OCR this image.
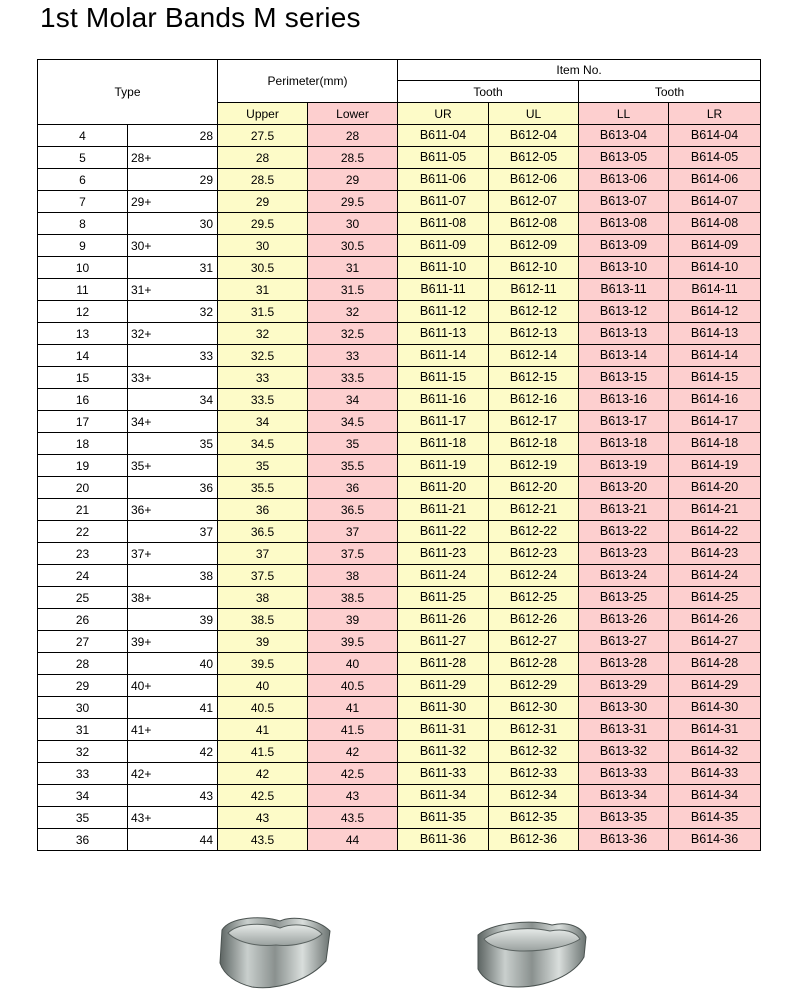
1st Molar Bands M series
Type		Perimeter(mm)		Item No.			
				Tooth		Tooth	
		Upper	Lower	UR	UL	LL	LR
4	28	27.5	28	B611-04	B612-04	B613-04	B614-04
5	28+	28	28.5	B611-05	B612-05	B613-05	B614-05
6	29	28.5	29	B611-06	B612-06	B613-06	B614-06
7	29+	29	29.5	B611-07	B612-07	B613-07	B614-07
8	30	29.5	30	B611-08	B612-08	B613-08	B614-08
9	30+	30	30.5	B611-09	B612-09	B613-09	B614-09
10	31	30.5	31	B611-10	B612-10	B613-10	B614-10
11	31+	31	31.5	B611-11	B612-11	B613-11	B614-11
12	32	31.5	32	B611-12	B612-12	B613-12	B614-12
13	32+	32	32.5	B611-13	B612-13	B613-13	B614-13
14	33	32.5	33	B611-14	B612-14	B613-14	B614-14
15	33+	33	33.5	B611-15	B612-15	B613-15	B614-15
16	34	33.5	34	B611-16	B612-16	B613-16	B614-16
17	34+	34	34.5	B611-17	B612-17	B613-17	B614-17
18	35	34.5	35	B611-18	B612-18	B613-18	B614-18
19	35+	35	35.5	B611-19	B612-19	B613-19	B614-19
20	36	35.5	36	B611-20	B612-20	B613-20	B614-20
21	36+	36	36.5	B611-21	B612-21	B613-21	B614-21
22	37	36.5	37	B611-22	B612-22	B613-22	B614-22
23	37+	37	37.5	B611-23	B612-23	B613-23	B614-23
24	38	37.5	38	B611-24	B612-24	B613-24	B614-24
25	38+	38	38.5	B611-25	B612-25	B613-25	B614-25
26	39	38.5	39	B611-26	B612-26	B613-26	B614-26
27	39+	39	39.5	B611-27	B612-27	B613-27	B614-27
28	40	39.5	40	B611-28	B612-28	B613-28	B614-28
29	40+	40	40.5	B611-29	B612-29	B613-29	B614-29
30	41	40.5	41	B611-30	B612-30	B613-30	B614-30
31	41+	41	41.5	B611-31	B612-31	B613-31	B614-31
32	42	41.5	42	B611-32	B612-32	B613-32	B614-32
33	42+	42	42.5	B611-33	B612-33	B613-33	B614-33
34	43	42.5	43	B611-34	B612-34	B613-34	B614-34
35	43+	43	43.5	B611-35	B612-35	B613-35	B614-35
36	44	43.5	44	B611-36	B612-36	B613-36	B614-36
